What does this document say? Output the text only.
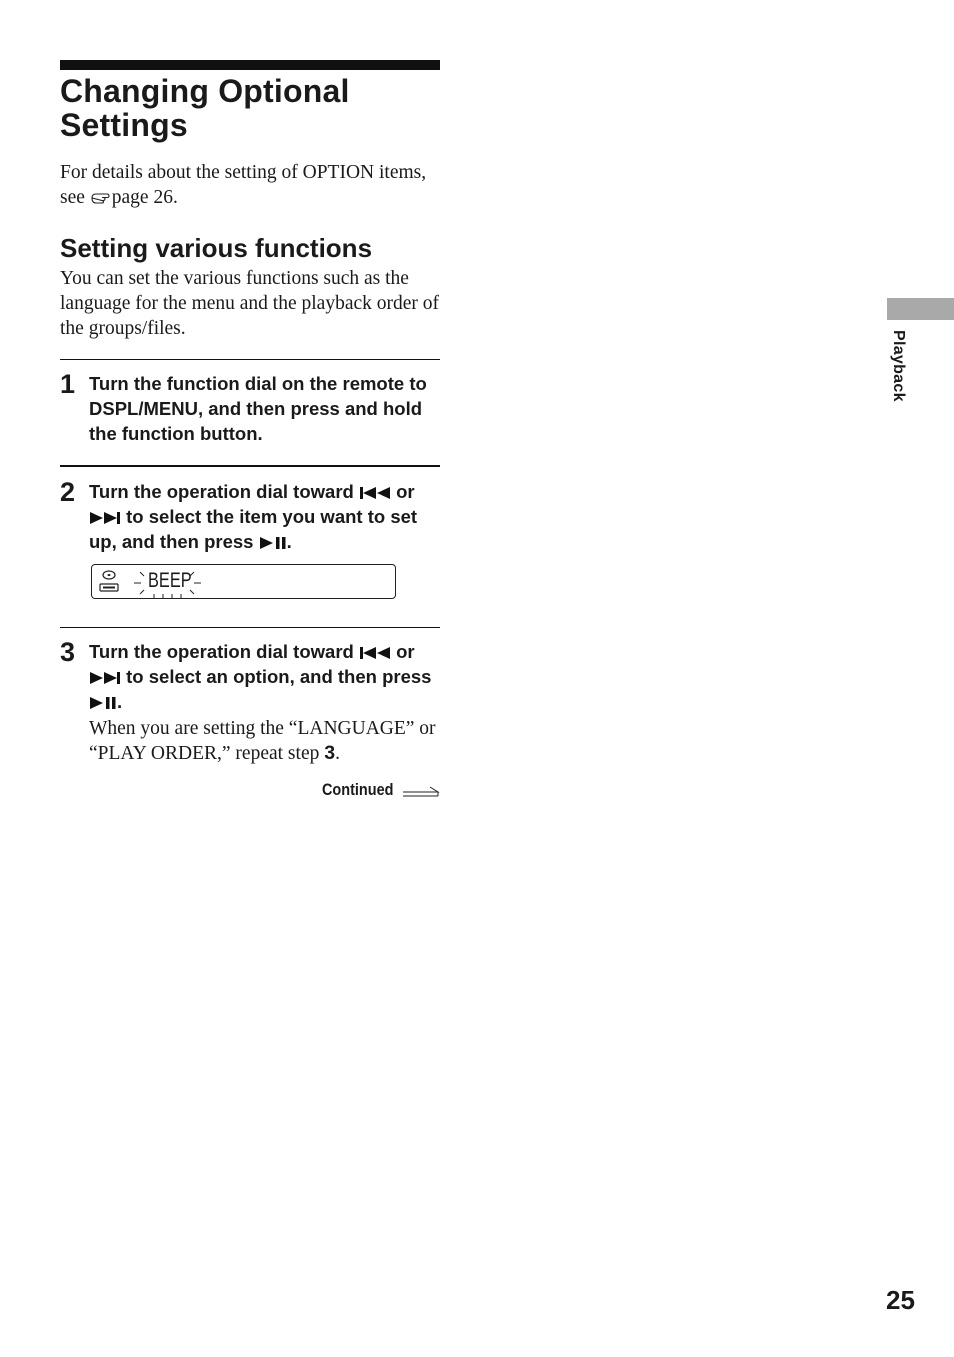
Changing Optional Settings

For details about the setting of OPTION items, see page 26.

Setting various functions

You can set the various functions such as the language for the menu and the playback order of the groups/files.

1 Turn the function dial on the remote to DSPL/MENU, and then press and hold the function button.

2 Turn the operation dial toward  or  to select the item you want to set up, and then press .

BEEP
3 Turn the operation dial toward  or  to select an option, and then press .

When you are setting the “LANGUAGE” or “PLAY ORDER,” repeat step 3.

Continued
Playback
25
